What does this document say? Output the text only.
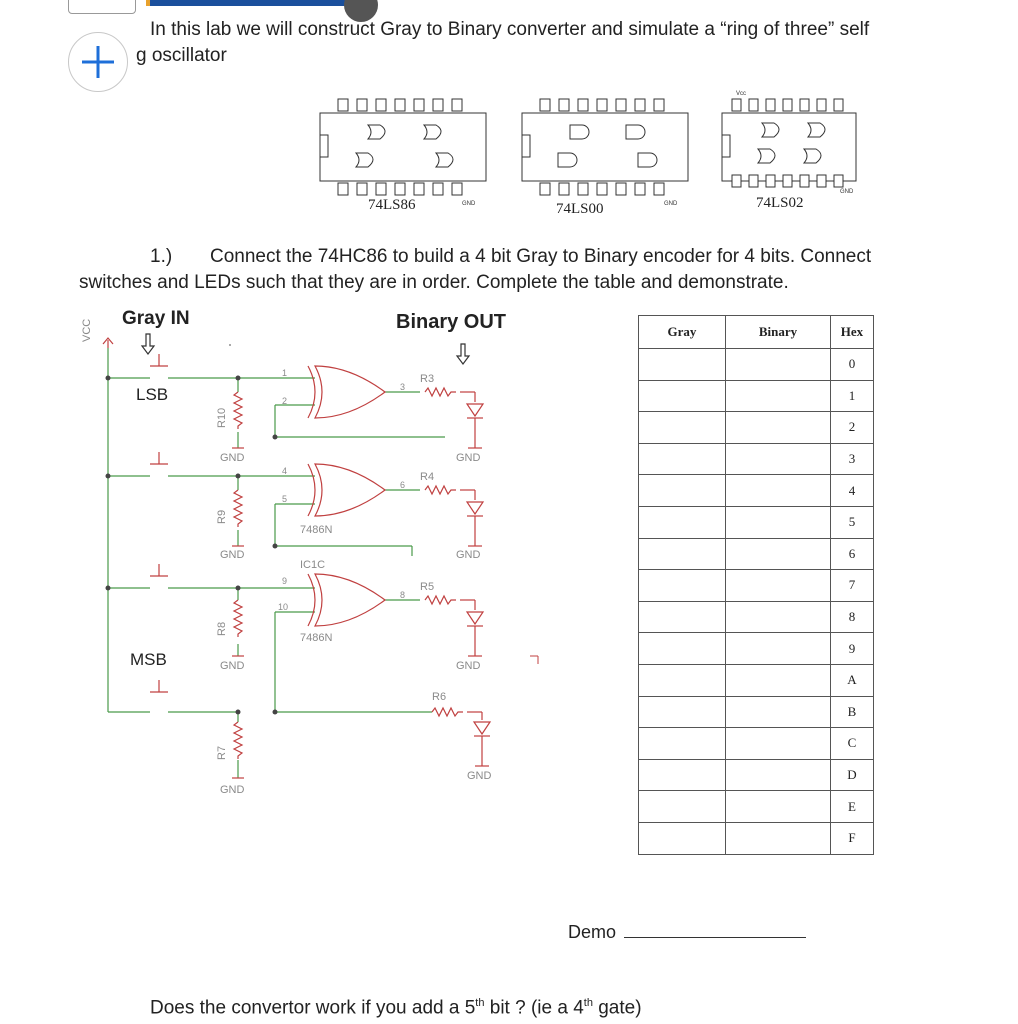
In this lab we will construct Gray to Binary converter and simulate a “ring of three” self
g oscillator
GND
74LS86	GND
74LS00
Vcc
GND
74LS02
1.) Connect the 74HC86 to build a 4 bit Gray to Binary encoder for 4 bits. Connect
switches and LEDs such that they are in order. Complete the table and demonstrate.
Gray IN	Binary OUT
VCC
LSB
MSB
R10
R9
R8
R7
R3
R4
R5
R6
GND
GND
GND
GND
GND
GND
GND
GND
7486N
7486N
IC1C
1
2
3
4
5
6
9
10
8
Gray	Binary	Hex
		0
		1
		2
		3
		4
		5
		6
		7
		8
		9
		A
		B
		C
		D
		E
		F
Demo
Does the convertor work if you add a 5th bit ? (ie a 4th gate)
